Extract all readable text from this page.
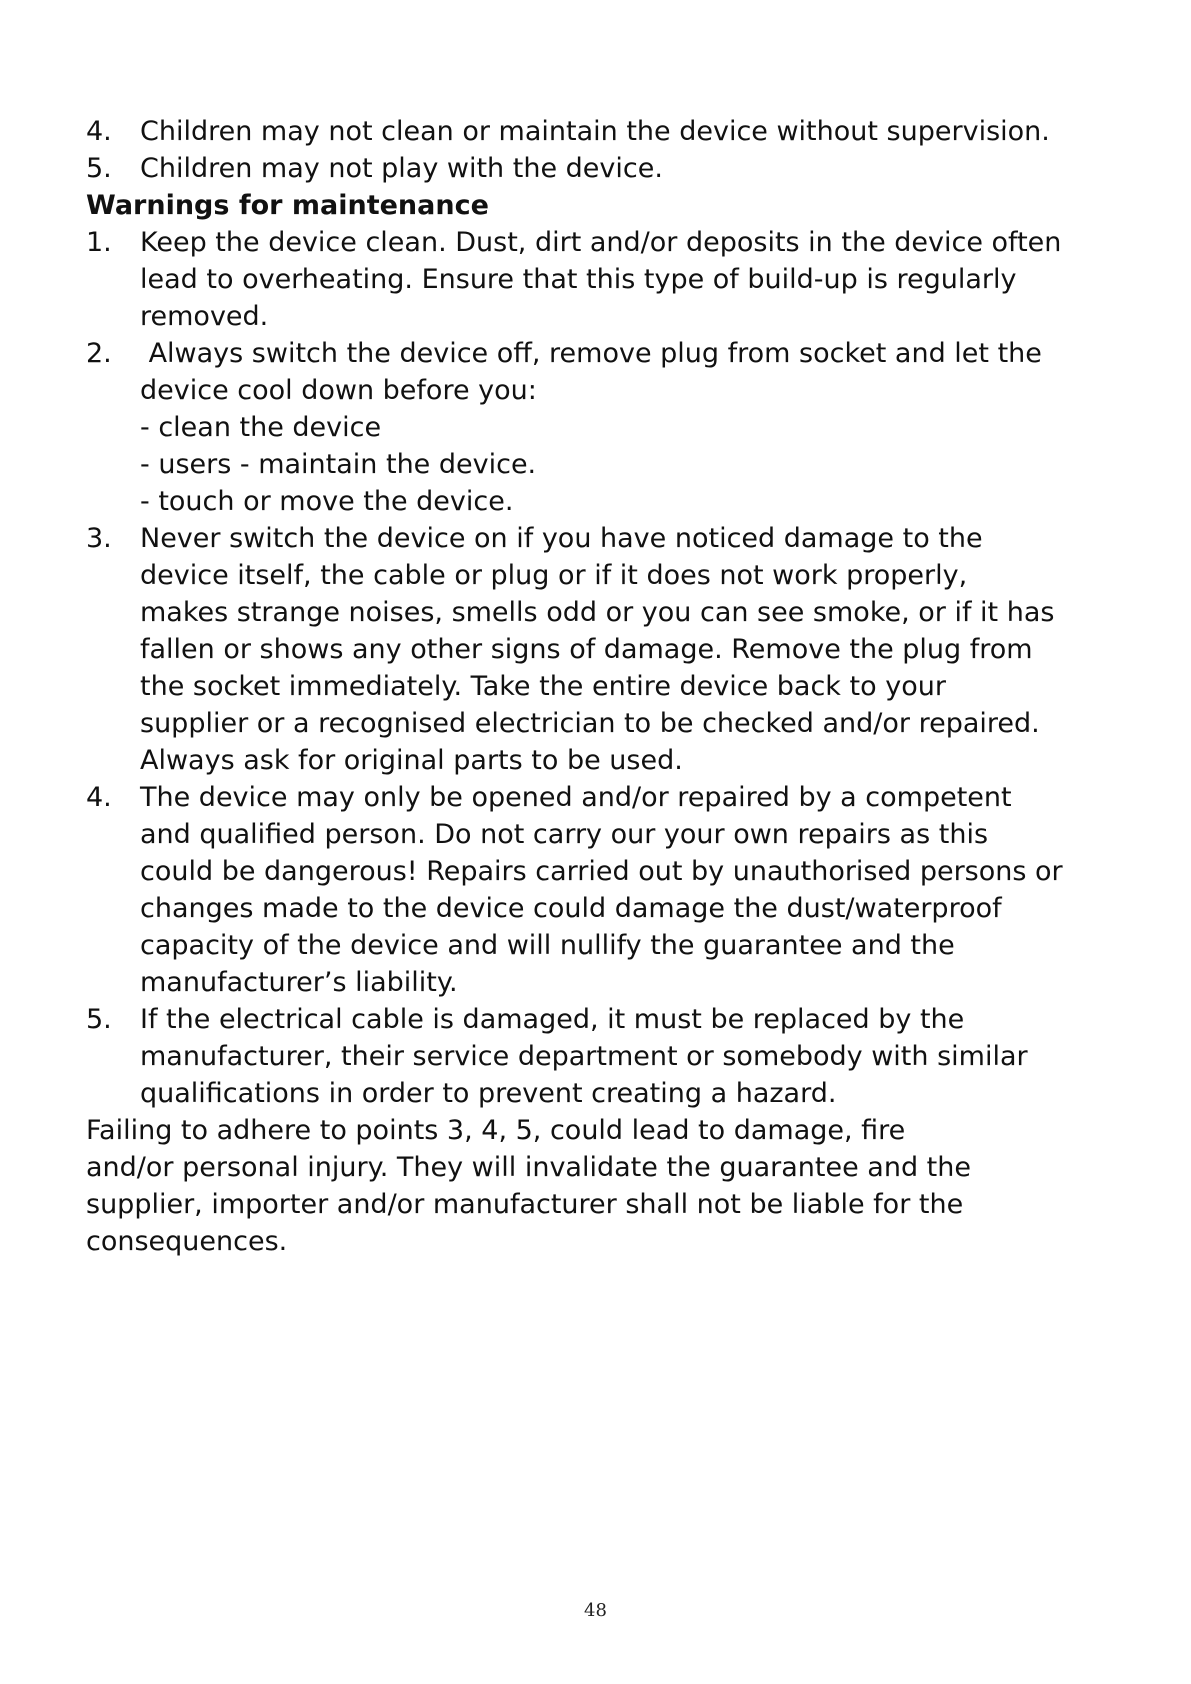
4.	Children may not clean or maintain the device without supervision.
5.	Children may not play with the device.
Warnings for maintenance
1.	Keep the device clean. Dust, dirt and/or deposits in the device often
lead to overheating. Ensure that this type of build-up is regularly
removed.
2.	Always switch the device off, remove plug from socket and let the
device cool down before you:
- clean the device
- users - maintain the device.
- touch or move the device.
3.	Never switch the device on if you have noticed damage to the
device itself, the cable or plug or if it does not work properly,
makes strange noises, smells odd or you can see smoke, or if it has
fallen or shows any other signs of damage. Remove the plug from
the socket immediately. Take the entire device back to your
supplier or a recognised electrician to be checked and/or repaired.
Always ask for original parts to be used.
4.	The device may only be opened and/or repaired by a competent
and qualified person. Do not carry our your own repairs as this
could be dangerous! Repairs carried out by unauthorised persons or
changes made to the device could damage the dust/waterproof
capacity of the device and will nullify the guarantee and the
manufacturer’s liability.
5.	If the electrical cable is damaged, it must be replaced by the
manufacturer, their service department or somebody with similar
qualifications in order to prevent creating a hazard.
Failing to adhere to points 3, 4, 5, could lead to damage, fire
and/or personal injury. They will invalidate the guarantee and the
supplier, importer and/or manufacturer shall not be liable for the
consequences.
48
